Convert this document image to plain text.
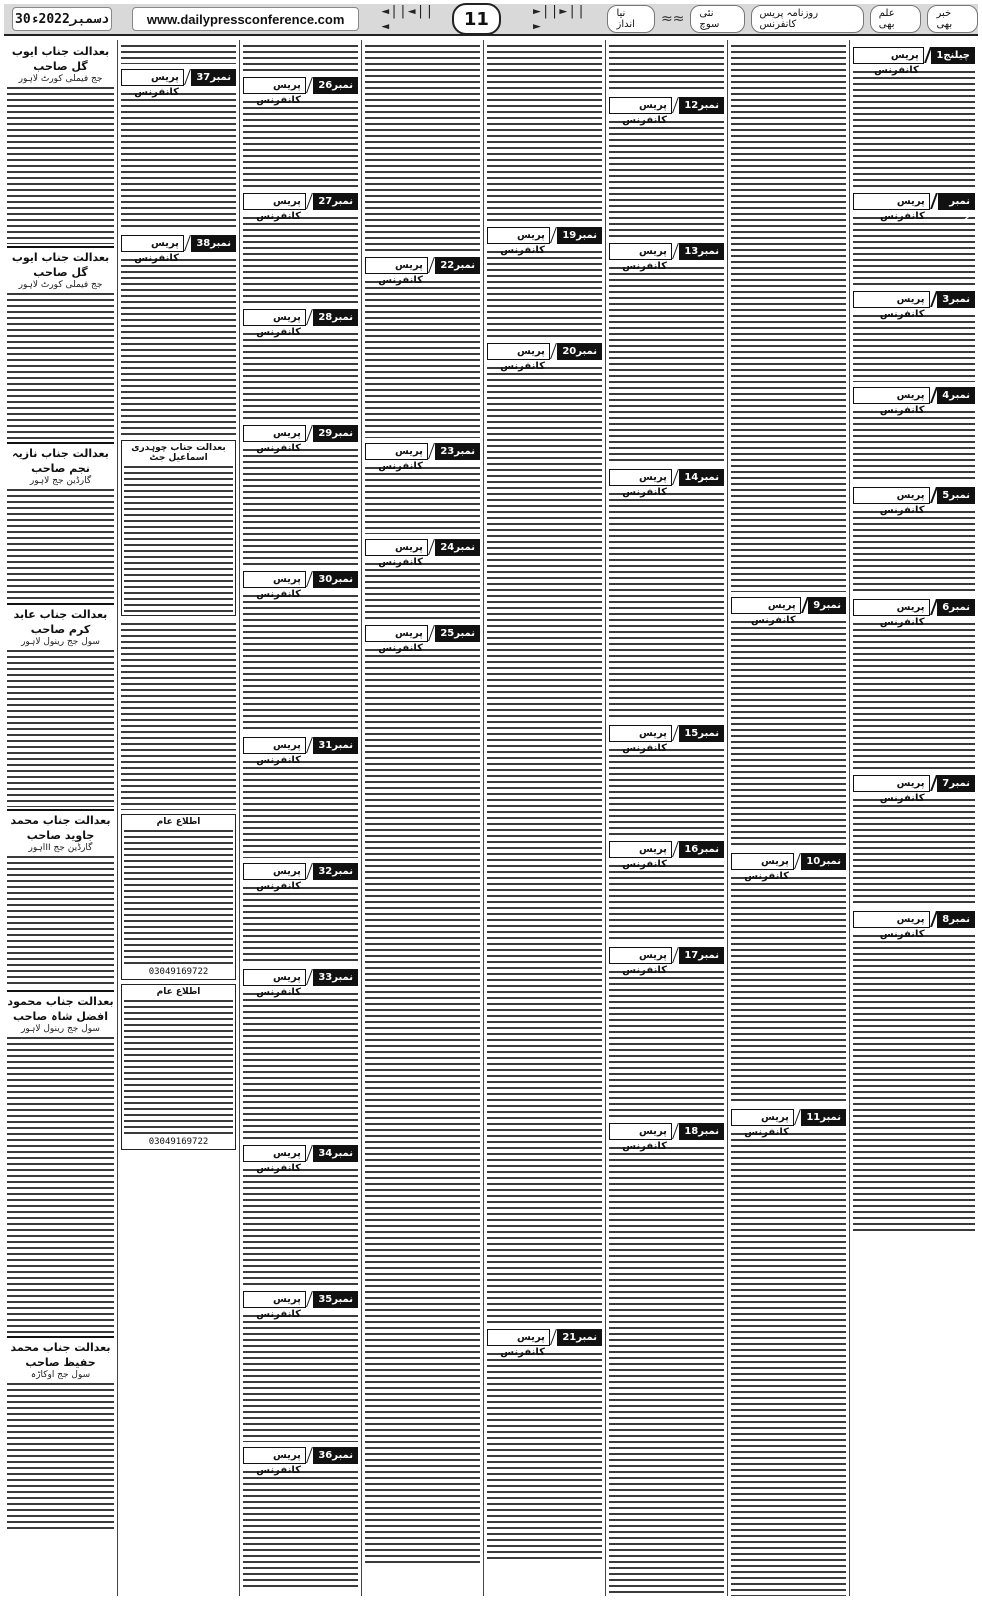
30دسمبر2022ء	www.dailypressconference.com	◄||◄||◄	11	►||►||►
نیا انداز	≈≈	نئی سوچ
روزنامہ پریس کانفرنس
علم بھی
خبر بھی
بعدالت جناب ایوب گل صاحب
جج فیملی کورٹ لاہور
بعدالت جناب ایوب گل صاحب
جج فیملی کورٹ لاہور
بعدالت جناب نازیہ نجم صاحب
گارڈین جج لاہور
بعدالت جناب عابد کرم صاحب
سول جج رینول لاہور
بعدالت جناب محمد جاوید صاحب
گارڈین جج IIاہور
بعدالت جناب محمود افضل شاہ صاحب
سول جج رینول لاہور
بعدالت جناب محمد حفیظ صاحب
سول جج اوکاڑہ
نمبر37
پریس کانفرنس
نمبر38
پریس کانفرنس
بعدالت جناب چوہدری اسماعیل جٹ
اطلاع عام
03049169722
اطلاع عام
03049169722
نمبر26
پریس کانفرنس
نمبر27
پریس کانفرنس
نمبر28
پریس کانفرنس
نمبر29
پریس کانفرنس
نمبر30
پریس کانفرنس
نمبر31
پریس کانفرنس
نمبر32
پریس کانفرنس
نمبر33
پریس کانفرنس
نمبر34
پریس کانفرنس
نمبر35
پریس کانفرنس
نمبر36
پریس کانفرنس
نمبر22
پریس کانفرنس
نمبر23
پریس کانفرنس
نمبر24
پریس کانفرنس
نمبر25
پریس کانفرنس
نمبر19
پریس کانفرنس
نمبر20
پریس کانفرنس
نمبر21
پریس کانفرنس
نمبر12
پریس کانفرنس
نمبر13
پریس کانفرنس
نمبر14
پریس کانفرنس
نمبر15
پریس کانفرنس
نمبر16
پریس کانفرنس
نمبر17
پریس کانفرنس
نمبر18
پریس کانفرنس
نمبر9
پریس کانفرنس
نمبر10
پریس کانفرنس
نمبر11
پریس کانفرنس
چیلنج1
پریس کانفرنس
نمبر 2
پریس کانفرنس
نمبر3
پریس کانفرنس
نمبر4
پریس کانفرنس
نمبر5
پریس کانفرنس
نمبر6
پریس کانفرنس
نمبر7
پریس کانفرنس
نمبر8
پریس کانفرنس
